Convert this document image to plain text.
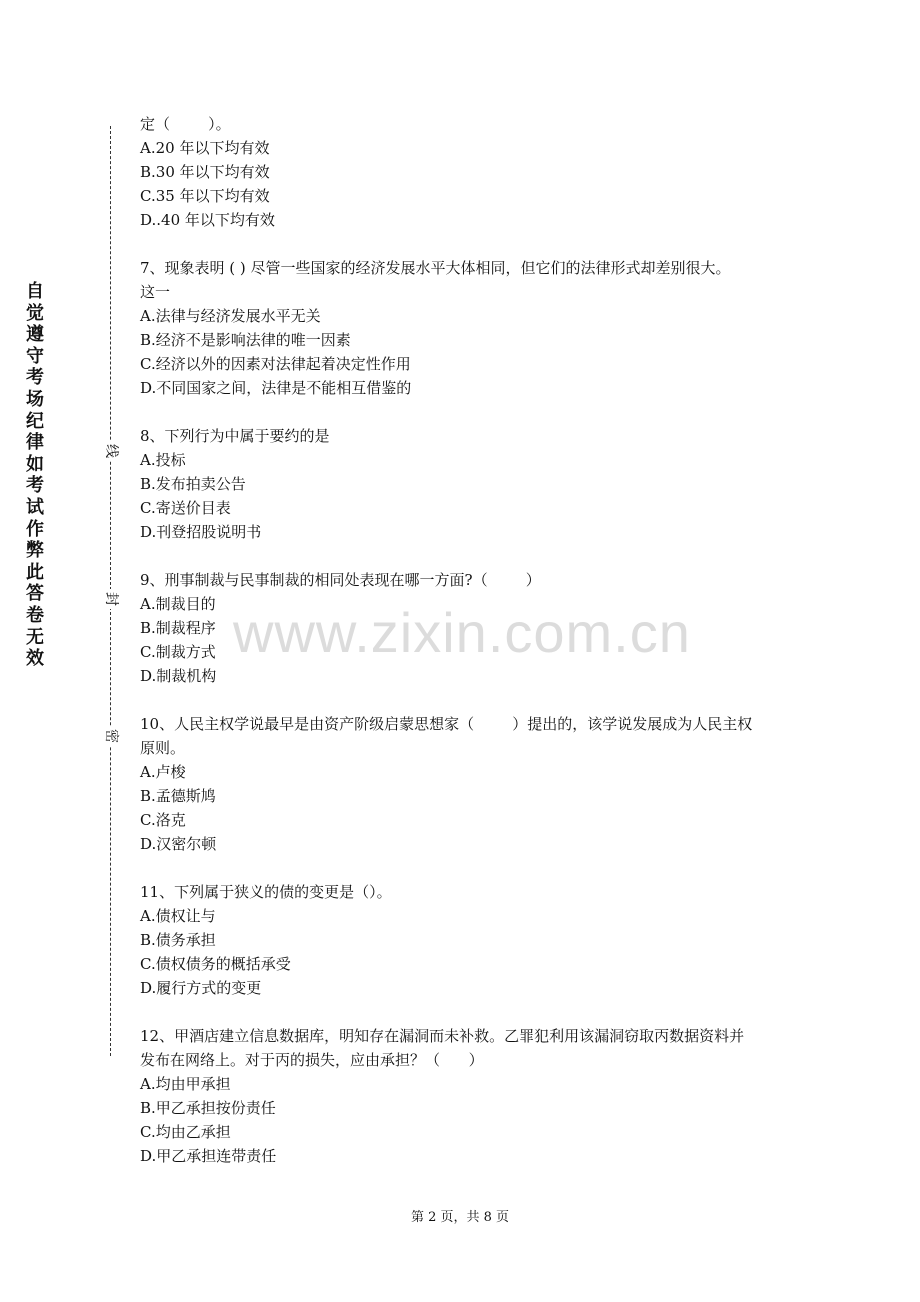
自
觉
遵
守
考
场
纪
律
如
考
试
作
弊
此
答
卷
无
效
线
封
密
定（        ）。
A.20 年以下均有效
B.30 年以下均有效
C.35 年以下均有效
D..40 年以下均有效
7、现象表明 ( ) 尽管一些国家的经济发展水平大体相同，但它们的法律形式却差别很大。
这一
A.法律与经济发展水平无关
B.经济不是影响法律的唯一因素
C.经济以外的因素对法律起着决定性作用
D.不同国家之间，法律是不能相互借鉴的
8、下列行为中属于要约的是
A.投标
B.发布拍卖公告
C.寄送价目表
D.刊登招股说明书
9、刑事制裁与民事制裁的相同处表现在哪一方面?（        ）
A.制裁目的
B.制裁程序
C.制裁方式
D.制裁机构
10、人民主权学说最早是由资产阶级启蒙思想家（        ）提出的，该学说发展成为人民主权
原则。
A.卢梭
B.孟德斯鸠
C.洛克
D.汉密尔顿
11、下列属于狭义的债的变更是（）。
A.债权让与
B.债务承担
C.债权债务的概括承受
D.履行方式的变更
12、甲酒店建立信息数据库，明知存在漏洞而未补救。乙罪犯利用该漏洞窃取丙数据资料并
发布在网络上。对于丙的损失，应由承担？（      ）
A.均由甲承担
B.甲乙承担按份责任
C.均由乙承担
D.甲乙承担连带责任
www.zixin.com.cn
第 2 页，共 8 页
